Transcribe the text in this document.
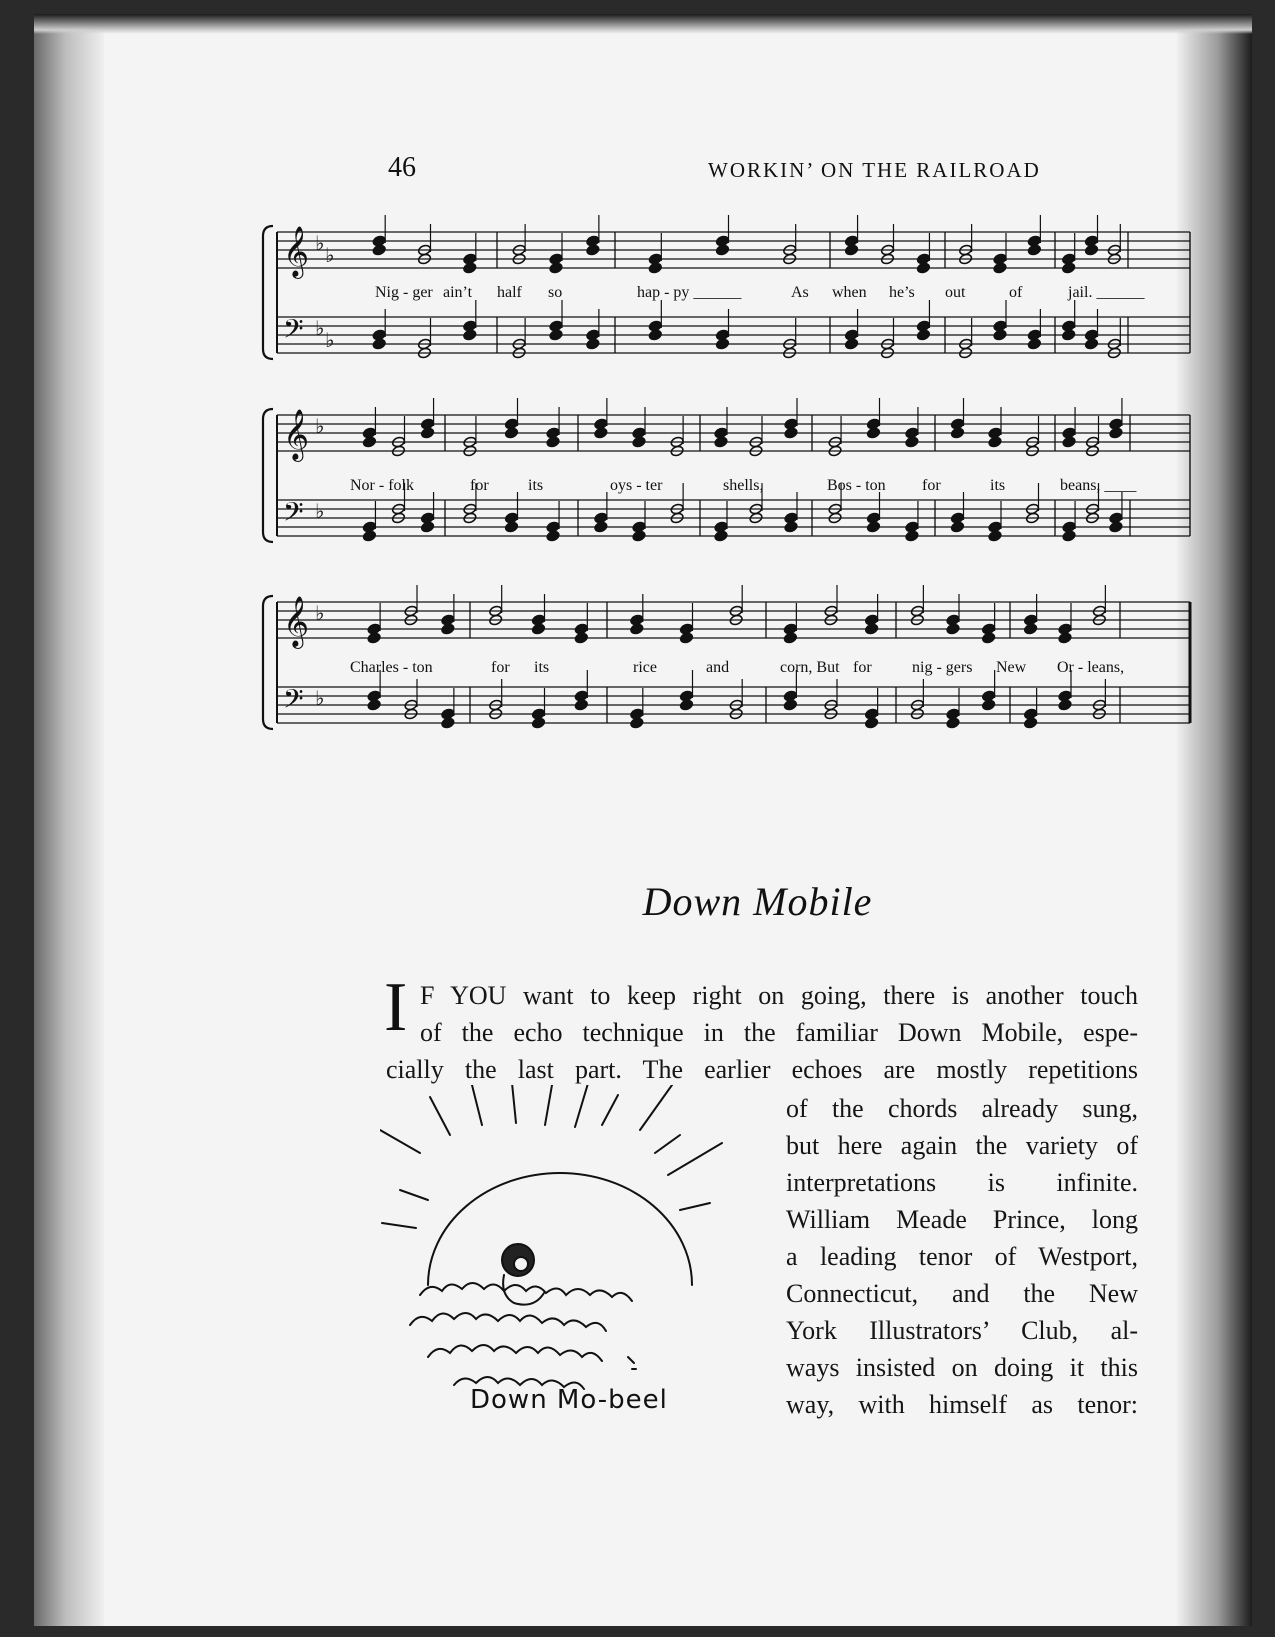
46	WORKIN’ ON THE RAILROAD
𝄞 ♭
♭
𝄢 ♭
♭
Nig - ger ain’t half so	hap - py ______	As when he’s out	of	jail. ______
𝄞 ♭
𝄢 ♭
Nor - folk	for its	oys - ter	shells,	Bos - ton for	its	beans, ____
𝄞 ♭
𝄢 ♭
Charles - ton	for its	rice	and	corn, But for	nig - gers New Or - leans,
Down Mobile
I F YOU want to keep right on going, there is another touch

of the echo technique in the familiar Down Mobile, espe-

cially the last part. The earlier echoes are mostly repetitions

of the chords already sung,

but here again the variety of

interpretations is infinite.

William Meade Prince, long

a leading tenor of Westport,

Connecticut, and the New

York Illustrators’ Club, al-

ways insisted on doing it this

way, with himself as tenor:

Down Mo-beel
